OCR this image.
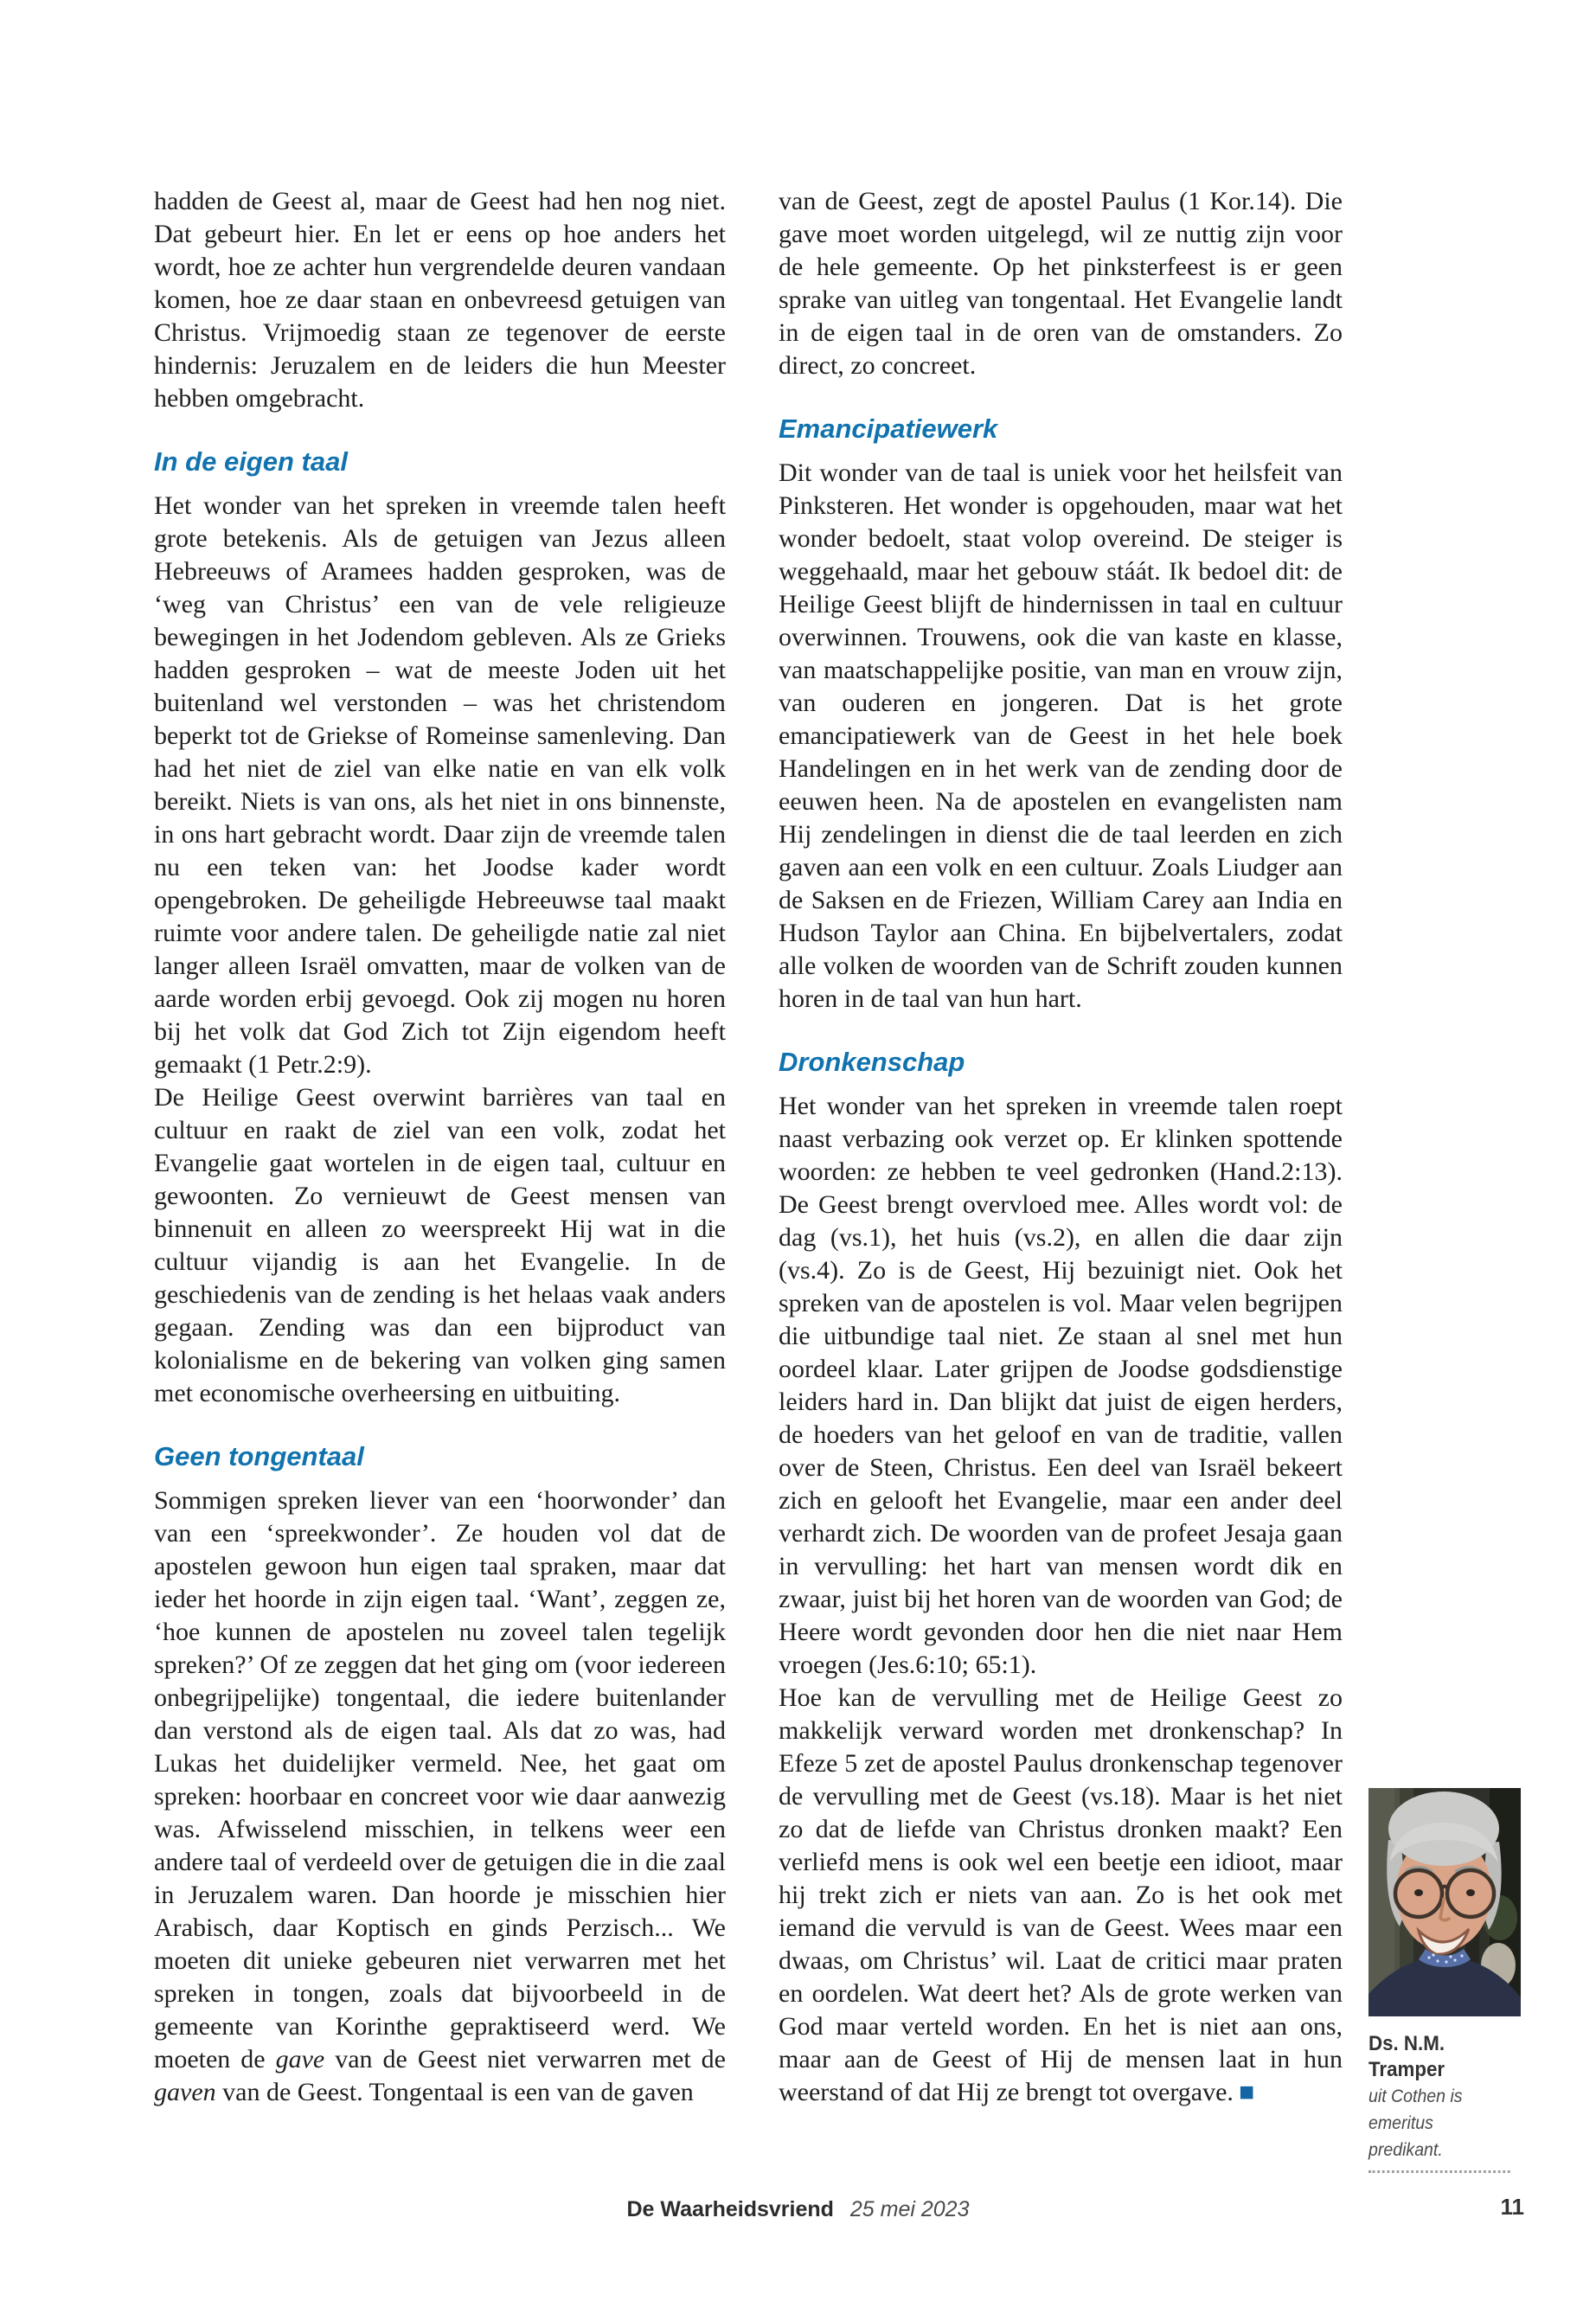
hadden de Geest al, maar de Geest had hen nog niet. Dat gebeurt hier. En let er eens op hoe anders het wordt, hoe ze achter hun vergrendelde deuren vandaan komen, hoe ze daar staan en onbevreesd getuigen van Christus. Vrijmoedig staan ze tegenover de eerste hindernis: Jeruzalem en de leiders die hun Meester hebben omgebracht.

In de eigen taal

Het wonder van het spreken in vreemde talen heeft grote betekenis. Als de getuigen van Jezus alleen Hebreeuws of Aramees hadden gesproken, was de ‘weg van Christus’ een van de vele religieuze bewegingen in het Jodendom gebleven. Als ze Grieks hadden gesproken – wat de meeste Joden uit het buitenland wel verstonden – was het christendom beperkt tot de Griekse of Romeinse samenleving. Dan had het niet de ziel van elke natie en van elk volk bereikt. Niets is van ons, als het niet in ons binnenste, in ons hart gebracht wordt. Daar zijn de vreemde talen nu een teken van: het Joodse kader wordt opengebroken. De geheiligde Hebreeuwse taal maakt ruimte voor andere talen. De geheiligde natie zal niet langer alleen Israël omvatten, maar de volken van de aarde worden erbij gevoegd. Ook zij mogen nu horen bij het volk dat God Zich tot Zijn eigendom heeft gemaakt (1 Petr.2:9).

De Heilige Geest overwint barrières van taal en cultuur en raakt de ziel van een volk, zodat het Evangelie gaat wortelen in de eigen taal, cultuur en gewoonten. Zo vernieuwt de Geest mensen van binnenuit en alleen zo weerspreekt Hij wat in die cultuur vijandig is aan het Evangelie. In de geschiedenis van de zending is het helaas vaak anders gegaan. Zending was dan een bijproduct van kolonialisme en de bekering van volken ging samen met economische overheersing en uitbuiting.

Geen tongentaal

Sommigen spreken liever van een ‘hoorwonder’ dan van een ‘spreekwonder’. Ze houden vol dat de apostelen gewoon hun eigen taal spraken, maar dat ieder het hoorde in zijn eigen taal. ‘Want’, zeggen ze, ‘hoe kunnen de apostelen nu zoveel talen tegelijk spreken?’ Of ze zeggen dat het ging om (voor iedereen onbegrijpelijke) tongentaal, die iedere buitenlander dan verstond als de eigen taal. Als dat zo was, had Lukas het duidelijker vermeld. Nee, het gaat om spreken: hoorbaar en concreet voor wie daar aanwezig was. Afwisselend misschien, in telkens weer een andere taal of verdeeld over de getuigen die in die zaal in Jeruzalem waren. Dan hoorde je misschien hier Arabisch, daar Koptisch en ginds Perzisch... We moeten dit unieke gebeuren niet verwarren met het spreken in tongen, zoals dat bijvoorbeeld in de gemeente van Korinthe gepraktiseerd werd. We moeten de gave van de Geest niet verwarren met de gaven van de Geest. Tongentaal is een van de gaven

van de Geest, zegt de apostel Paulus (1 Kor.14). Die gave moet worden uitgelegd, wil ze nuttig zijn voor de hele gemeente. Op het pinksterfeest is er geen sprake van uitleg van tongentaal. Het Evangelie landt in de eigen taal in de oren van de omstanders. Zo direct, zo concreet.

Emancipatiewerk

Dit wonder van de taal is uniek voor het heilsfeit van Pinksteren. Het wonder is opgehouden, maar wat het wonder bedoelt, staat volop overeind. De steiger is weggehaald, maar het gebouw stáát. Ik bedoel dit: de Heilige Geest blijft de hindernissen in taal en cultuur overwinnen. Trouwens, ook die van kaste en klasse, van maatschappelijke positie, van man en vrouw zijn, van ouderen en jongeren. Dat is het grote emancipatiewerk van de Geest in het hele boek Handelingen en in het werk van de zending door de eeuwen heen. Na de apostelen en evangelisten nam Hij zendelingen in dienst die de taal leerden en zich gaven aan een volk en een cultuur. Zoals Liudger aan de Saksen en de Friezen, William Carey aan India en Hudson Taylor aan China. En bijbelvertalers, zodat alle volken de woorden van de Schrift zouden kunnen horen in de taal van hun hart.

Dronkenschap

Het wonder van het spreken in vreemde talen roept naast verbazing ook verzet op. Er klinken spottende woorden: ze hebben te veel gedronken (Hand.2:13). De Geest brengt overvloed mee. Alles wordt vol: de dag (vs.1), het huis (vs.2), en allen die daar zijn (vs.4). Zo is de Geest, Hij bezuinigt niet. Ook het spreken van de apostelen is vol. Maar velen begrijpen die uitbundige taal niet. Ze staan al snel met hun oordeel klaar. Later grijpen de Joodse godsdienstige leiders hard in. Dan blijkt dat juist de eigen herders, de hoeders van het geloof en van de traditie, vallen over de Steen, Christus. Een deel van Israël bekeert zich en gelooft het Evangelie, maar een ander deel verhardt zich. De woorden van de profeet Jesaja gaan in vervulling: het hart van mensen wordt dik en zwaar, juist bij het horen van de woorden van God; de Heere wordt gevonden door hen die niet naar Hem vroegen (Jes.6:10; 65:1).

Hoe kan de vervulling met de Heilige Geest zo makkelijk verward worden met dronkenschap? In Efeze 5 zet de apostel Paulus dronkenschap tegenover de vervulling met de Geest (vs.18). Maar is het niet zo dat de liefde van Christus dronken maakt? Een verliefd mens is ook wel een beetje een idioot, maar hij trekt zich er niets van aan. Zo is het ook met iemand die vervuld is van de Geest. Wees maar een dwaas, om Christus’ wil. Laat de critici maar praten en oordelen. Wat deert het? Als de grote werken van God maar verteld worden. En het is niet aan ons, maar aan de Geest of Hij de mensen laat in hun weerstand of dat Hij ze brengt tot overgave. ■

Ds. N.M. Tramper
uit Cothen is emeritus
predikant.
De Waarheidsvriend 25 mei 2023	11
